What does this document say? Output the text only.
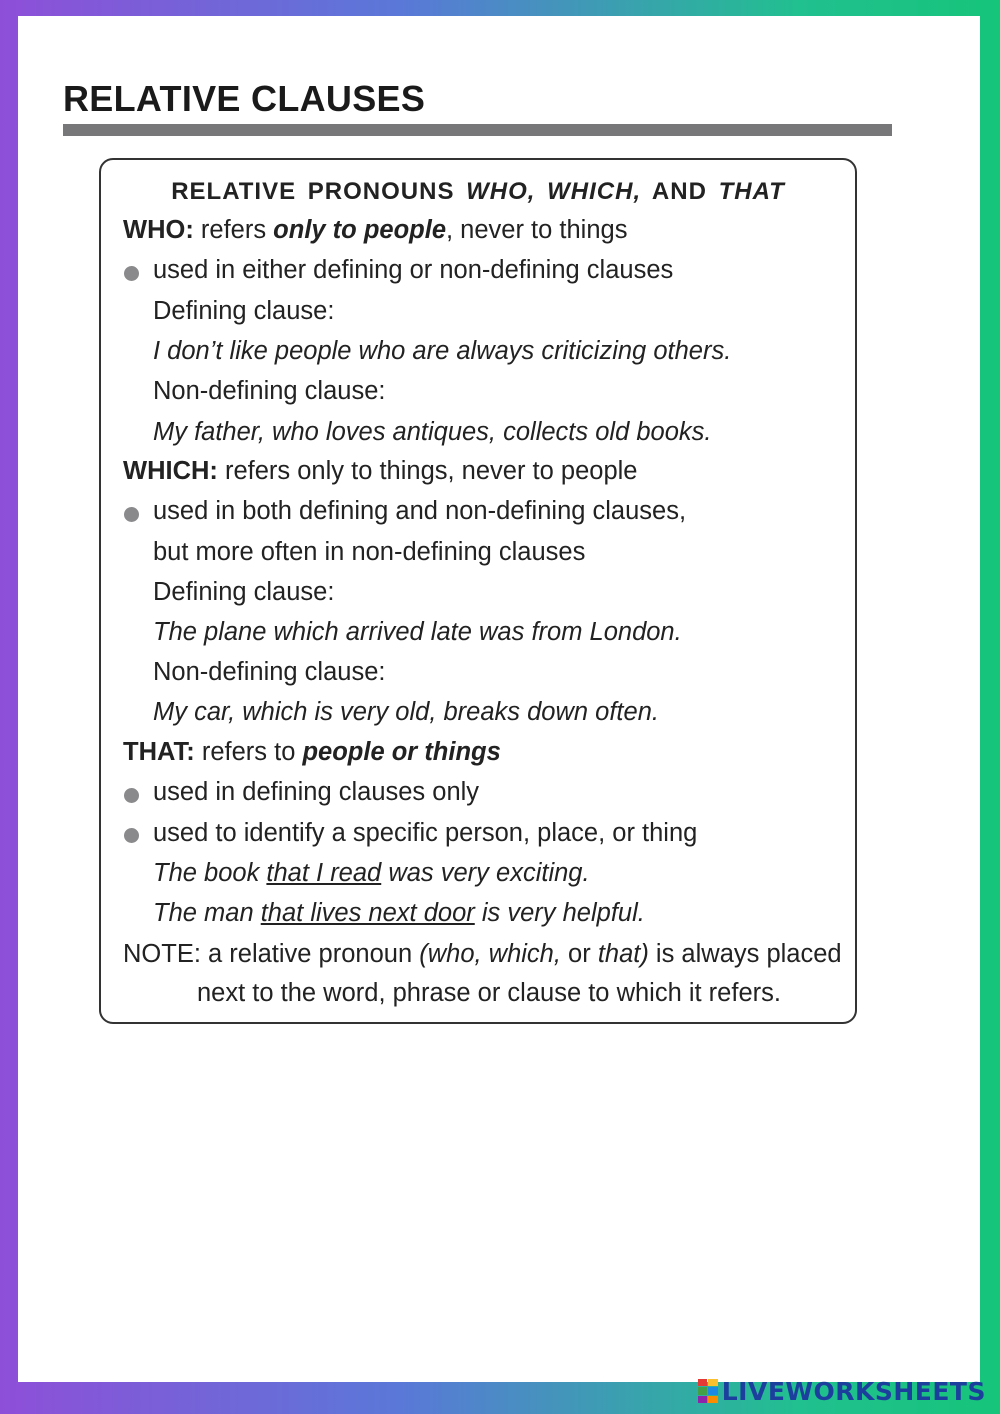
RELATIVE CLAUSES
RELATIVE PRONOUNS WHO, WHICH, AND THAT
WHO: refers only to people, never to things
used in either defining or non-defining clauses
Defining clause:
I don’t like people who are always criticizing others.
Non-defining clause:
My father, who loves antiques, collects old books.
WHICH: refers only to things, never to people
used in both defining and non-defining clauses,
but more often in non-defining clauses
Defining clause:
The plane which arrived late was from London.
Non-defining clause:
My car, which is very old, breaks down often.
THAT: refers to people or things
used in defining clauses only
used to identify a specific person, place, or thing
The book that I read was very exciting.
The man that lives next door is very helpful.
NOTE: a relative pronoun (who, which, or that) is always placed
next to the word, phrase or clause to which it refers.
LIVEWORKSHEETS
